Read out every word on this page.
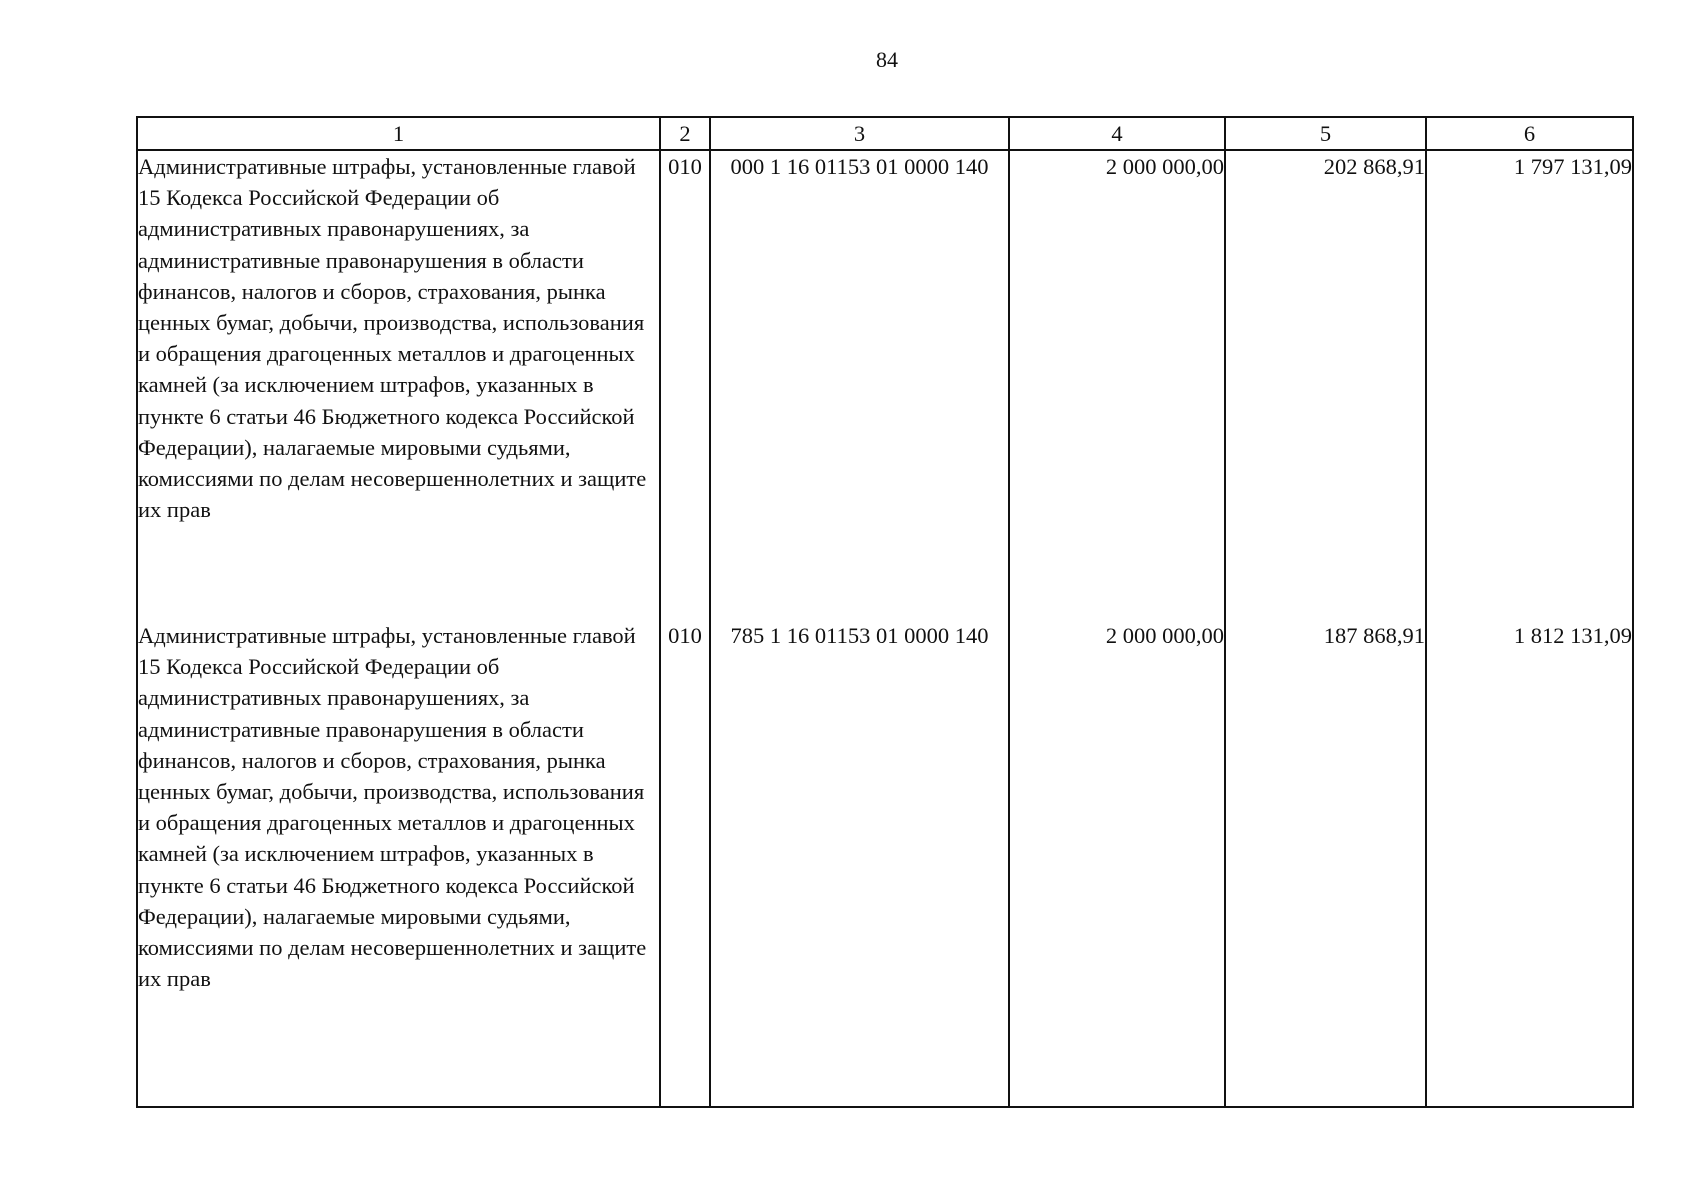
84
1	2	3	4	5	6
Административные штрафы, установленные главой 15 Кодекса Российской Федерации об административных правонарушениях, за административные правонарушения в области финансов, налогов и сборов, страхования, рынка ценных бумаг, добычи, производства, использования и обращения драгоценных металлов и драгоценных камней (за исключением штрафов, указанных в пункте 6 статьи 46 Бюджетного кодекса Российской Федерации), налагаемые мировыми судьями, комиссиями по делам несовершеннолетних и защите их прав	010	000 1 16 01153 01 0000 140	2 000 000,00	202 868,91	1 797 131,09
Административные штрафы, установленные главой 15 Кодекса Российской Федерации об административных правонарушениях, за административные правонарушения в области финансов, налогов и сборов, страхования, рынка ценных бумаг, добычи, производства, использования и обращения драгоценных металлов и драгоценных камней (за исключением штрафов, указанных в пункте 6 статьи 46 Бюджетного кодекса Российской Федерации), налагаемые мировыми судьями, комиссиями по делам несовершеннолетних и защите их прав	010	785 1 16 01153 01 0000 140	2 000 000,00	187 868,91	1 812 131,09
